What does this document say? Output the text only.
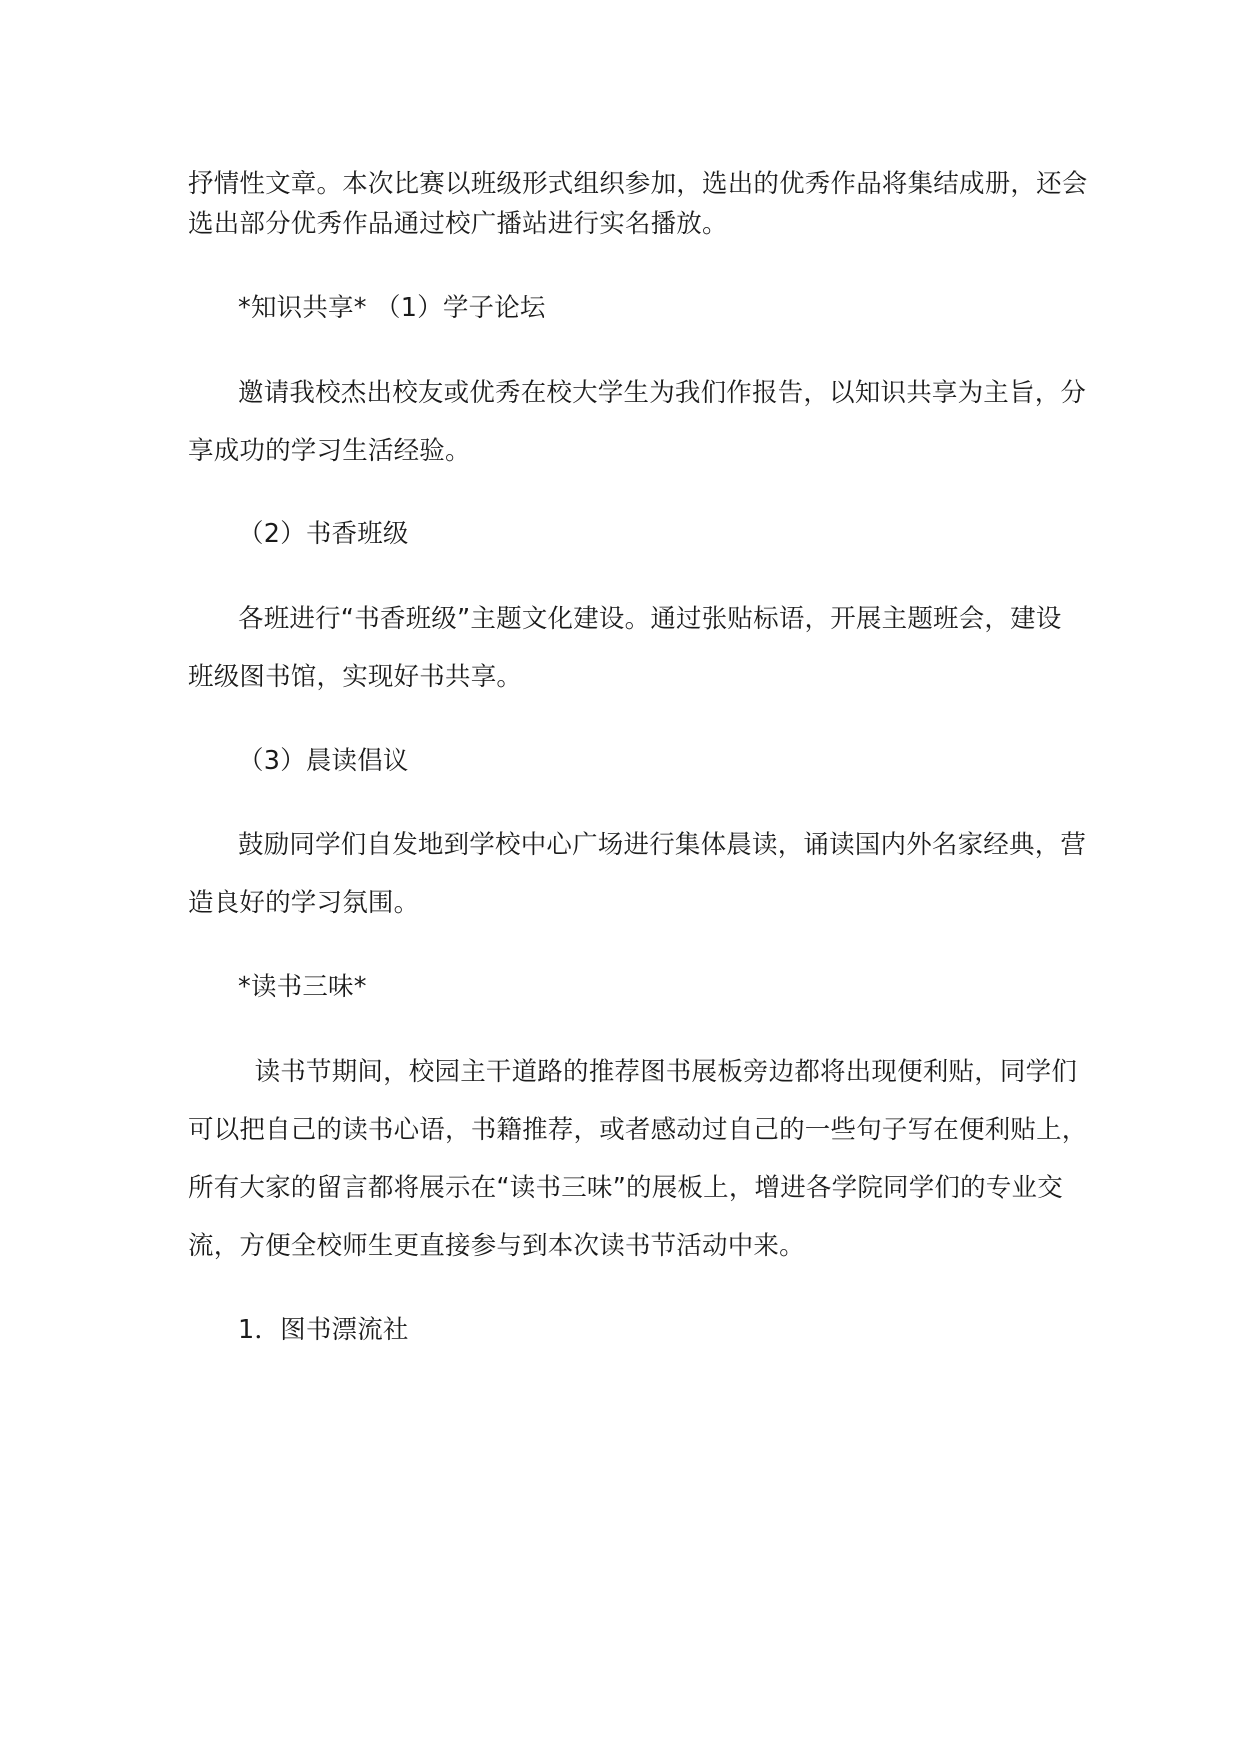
抒情性文章。本次比赛以班级形式组织参加，选出的优秀作品将集结成册，还会
选出部分优秀作品通过校广播站进行实名播放。
*知识共享* （1）学子论坛
邀请我校杰出校友或优秀在校大学生为我们作报告，以知识共享为主旨，分
享成功的学习生活经验。
（2）书香班级
各班进行“书香班级”主题文化建设。通过张贴标语，开展主题班会，建设
班级图书馆，实现好书共享。
（3）晨读倡议
鼓励同学们自发地到学校中心广场进行集体晨读，诵读国内外名家经典，营
造良好的学习氛围。
*读书三味*
读书节期间，校园主干道路的推荐图书展板旁边都将出现便利贴，同学们
可以把自己的读书心语，书籍推荐，或者感动过自己的一些句子写在便利贴上，
所有大家的留言都将展示在“读书三味”的展板上，增进各学院同学们的专业交
流，方便全校师生更直接参与到本次读书节活动中来。
1．图书漂流社
